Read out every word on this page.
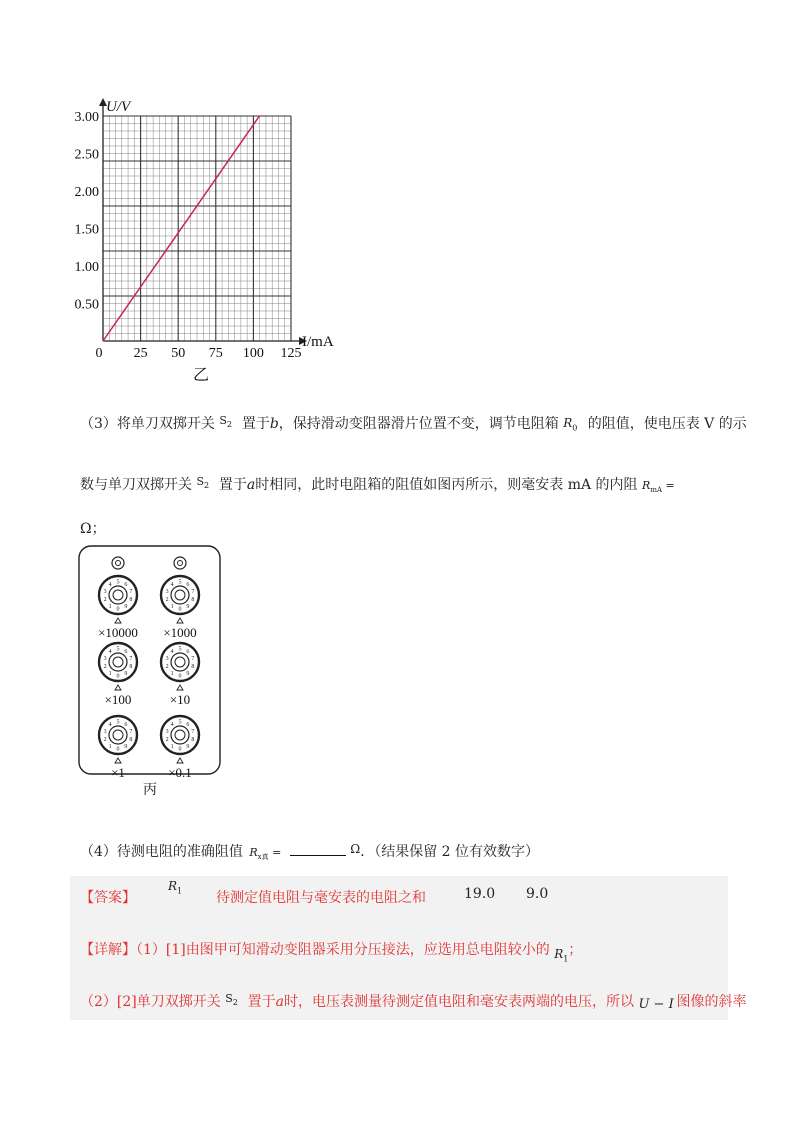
0 25 50 75 100 125
0.50
1.00
1.50
2.00
2.50
3.00
U/V
I/mA
乙
（3）将单刀双掷开关 $S_2$ 置于b，保持滑动变阻器滑片位置不变，调节电阻箱 $R_0$ 的阻值，使电压表 V 的示
数与单刀双掷开关 $S_2$ 置于a时相同，此时电阻箱的阻值如图丙所示，则毫安表 mA 的内阻 $R_{mA}$ =
Ω；
0
1
2
3
4 5 6
7
8
9
×10000
0
1
2
3
4 5 6
7
8
9
×1000
0
1
2
3
4 5 6
7
8
9
×100
0
1
2
3
4 5 6
7
8
9
×10
0
1
2
3
4 5 6
7
8
9
×1
0
1
2
3
4 5 6
7
8
9
×0.1
丙
（4）待测电阻的准确阻值 $R_{x真}$ =	Ω．（结果保留 2 位有效数字）
【答案】
$R_1$ 待测定值电阻与毫安表的电阻之和	19.0 9.0
【详解】（1）[1]由图甲可知滑动变阻器采用分压接法，应选用总电阻较小的 $R_1$
；
（2）[2]单刀双掷开关 $S_2$ 置于a时，电压表测量待测定值电阻和毫安表两端的电压，所以 U − I 图像的斜率
